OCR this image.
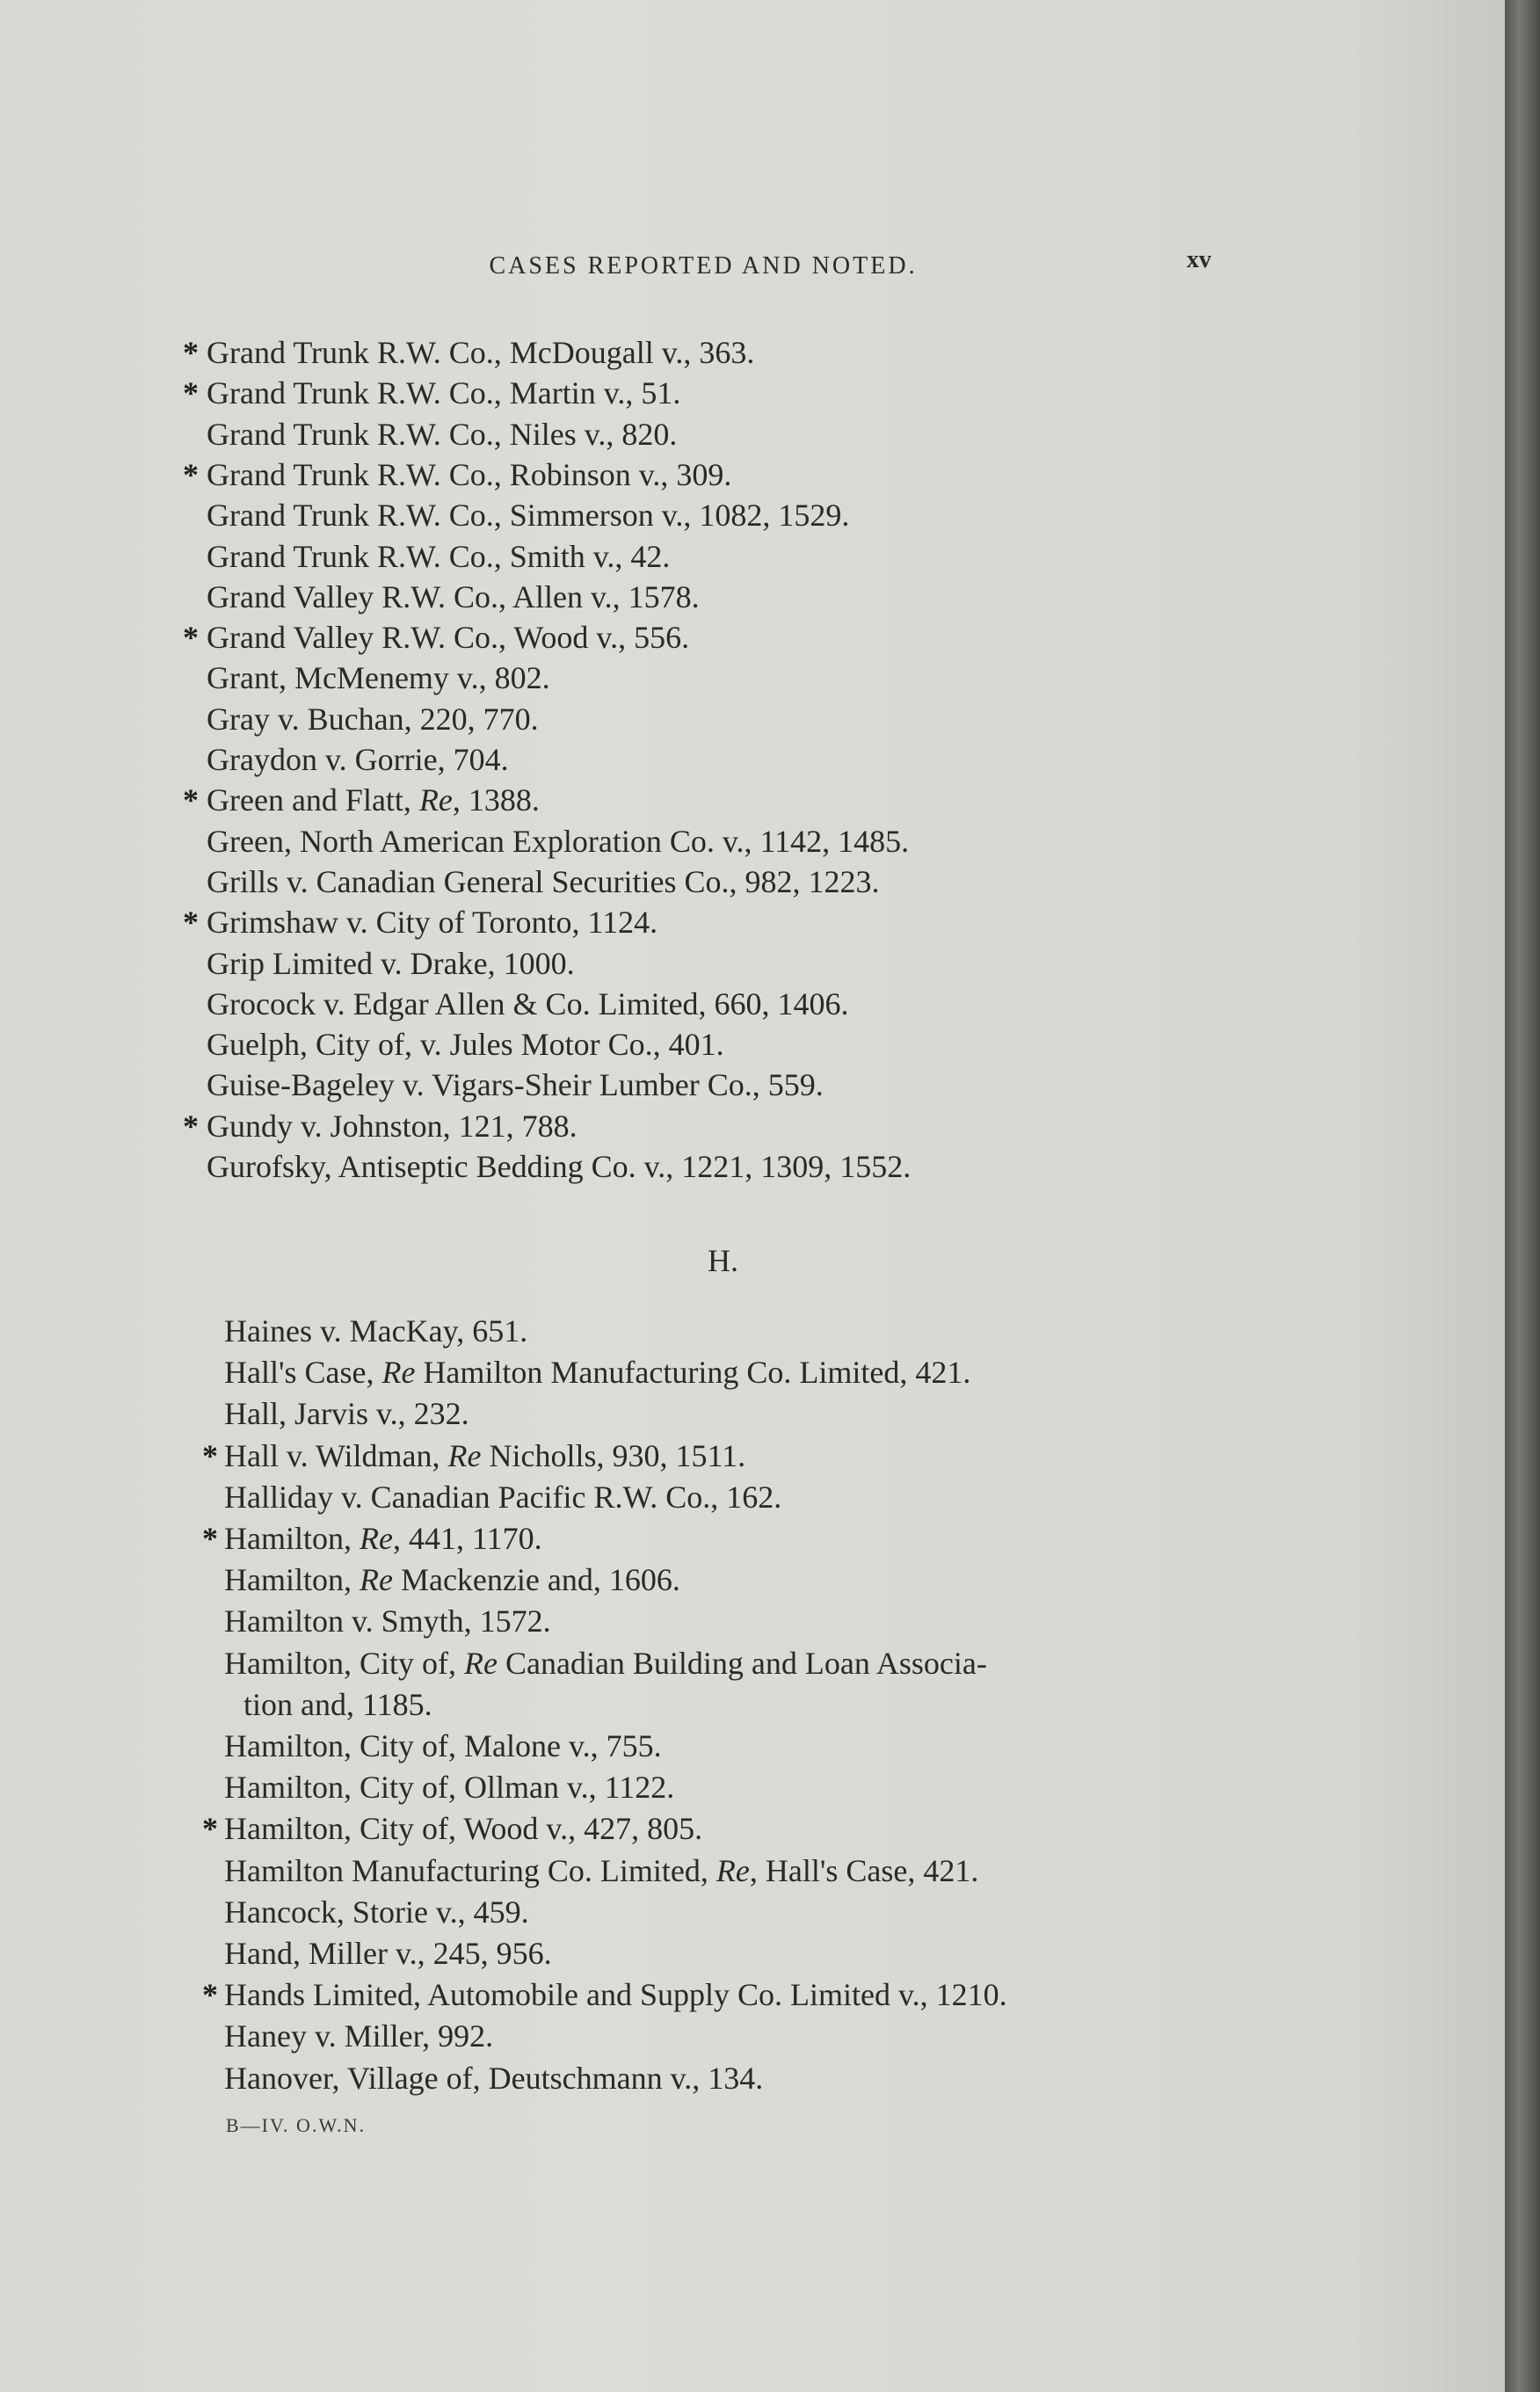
CASES REPORTED AND NOTED.	xv
* Grand Trunk R.W. Co., McDougall v., 363.
* Grand Trunk R.W. Co., Martin v., 51.
Grand Trunk R.W. Co., Niles v., 820.
* Grand Trunk R.W. Co., Robinson v., 309.
Grand Trunk R.W. Co., Simmerson v., 1082, 1529.
Grand Trunk R.W. Co., Smith v., 42.
Grand Valley R.W. Co., Allen v., 1578.
* Grand Valley R.W. Co., Wood v., 556.
Grant, McMenemy v., 802.
Gray v. Buchan, 220, 770.
Graydon v. Gorrie, 704.
* Green and Flatt, Re, 1388.
Green, North American Exploration Co. v., 1142, 1485.
Grills v. Canadian General Securities Co., 982, 1223.
* Grimshaw v. City of Toronto, 1124.
Grip Limited v. Drake, 1000.
Grocock v. Edgar Allen & Co. Limited, 660, 1406.
Guelph, City of, v. Jules Motor Co., 401.
Guise-Bageley v. Vigars-Sheir Lumber Co., 559.
* Gundy v. Johnston, 121, 788.
Gurofsky, Antiseptic Bedding Co. v., 1221, 1309, 1552.
H.
Haines v. MacKay, 651.
Hall's Case, Re Hamilton Manufacturing Co. Limited, 421.
Hall, Jarvis v., 232.
* Hall v. Wildman, Re Nicholls, 930, 1511.
Halliday v. Canadian Pacific R.W. Co., 162.
* Hamilton, Re, 441, 1170.
Hamilton, Re Mackenzie and, 1606.
Hamilton v. Smyth, 1572.
Hamilton, City of, Re Canadian Building and Loan Associa-
tion and, 1185.
Hamilton, City of, Malone v., 755.
Hamilton, City of, Ollman v., 1122.
* Hamilton, City of, Wood v., 427, 805.
Hamilton Manufacturing Co. Limited, Re, Hall's Case, 421.
Hancock, Storie v., 459.
Hand, Miller v., 245, 956.
* Hands Limited, Automobile and Supply Co. Limited v., 1210.
Haney v. Miller, 992.
Hanover, Village of, Deutschmann v., 134.
B—IV. O.W.N.
